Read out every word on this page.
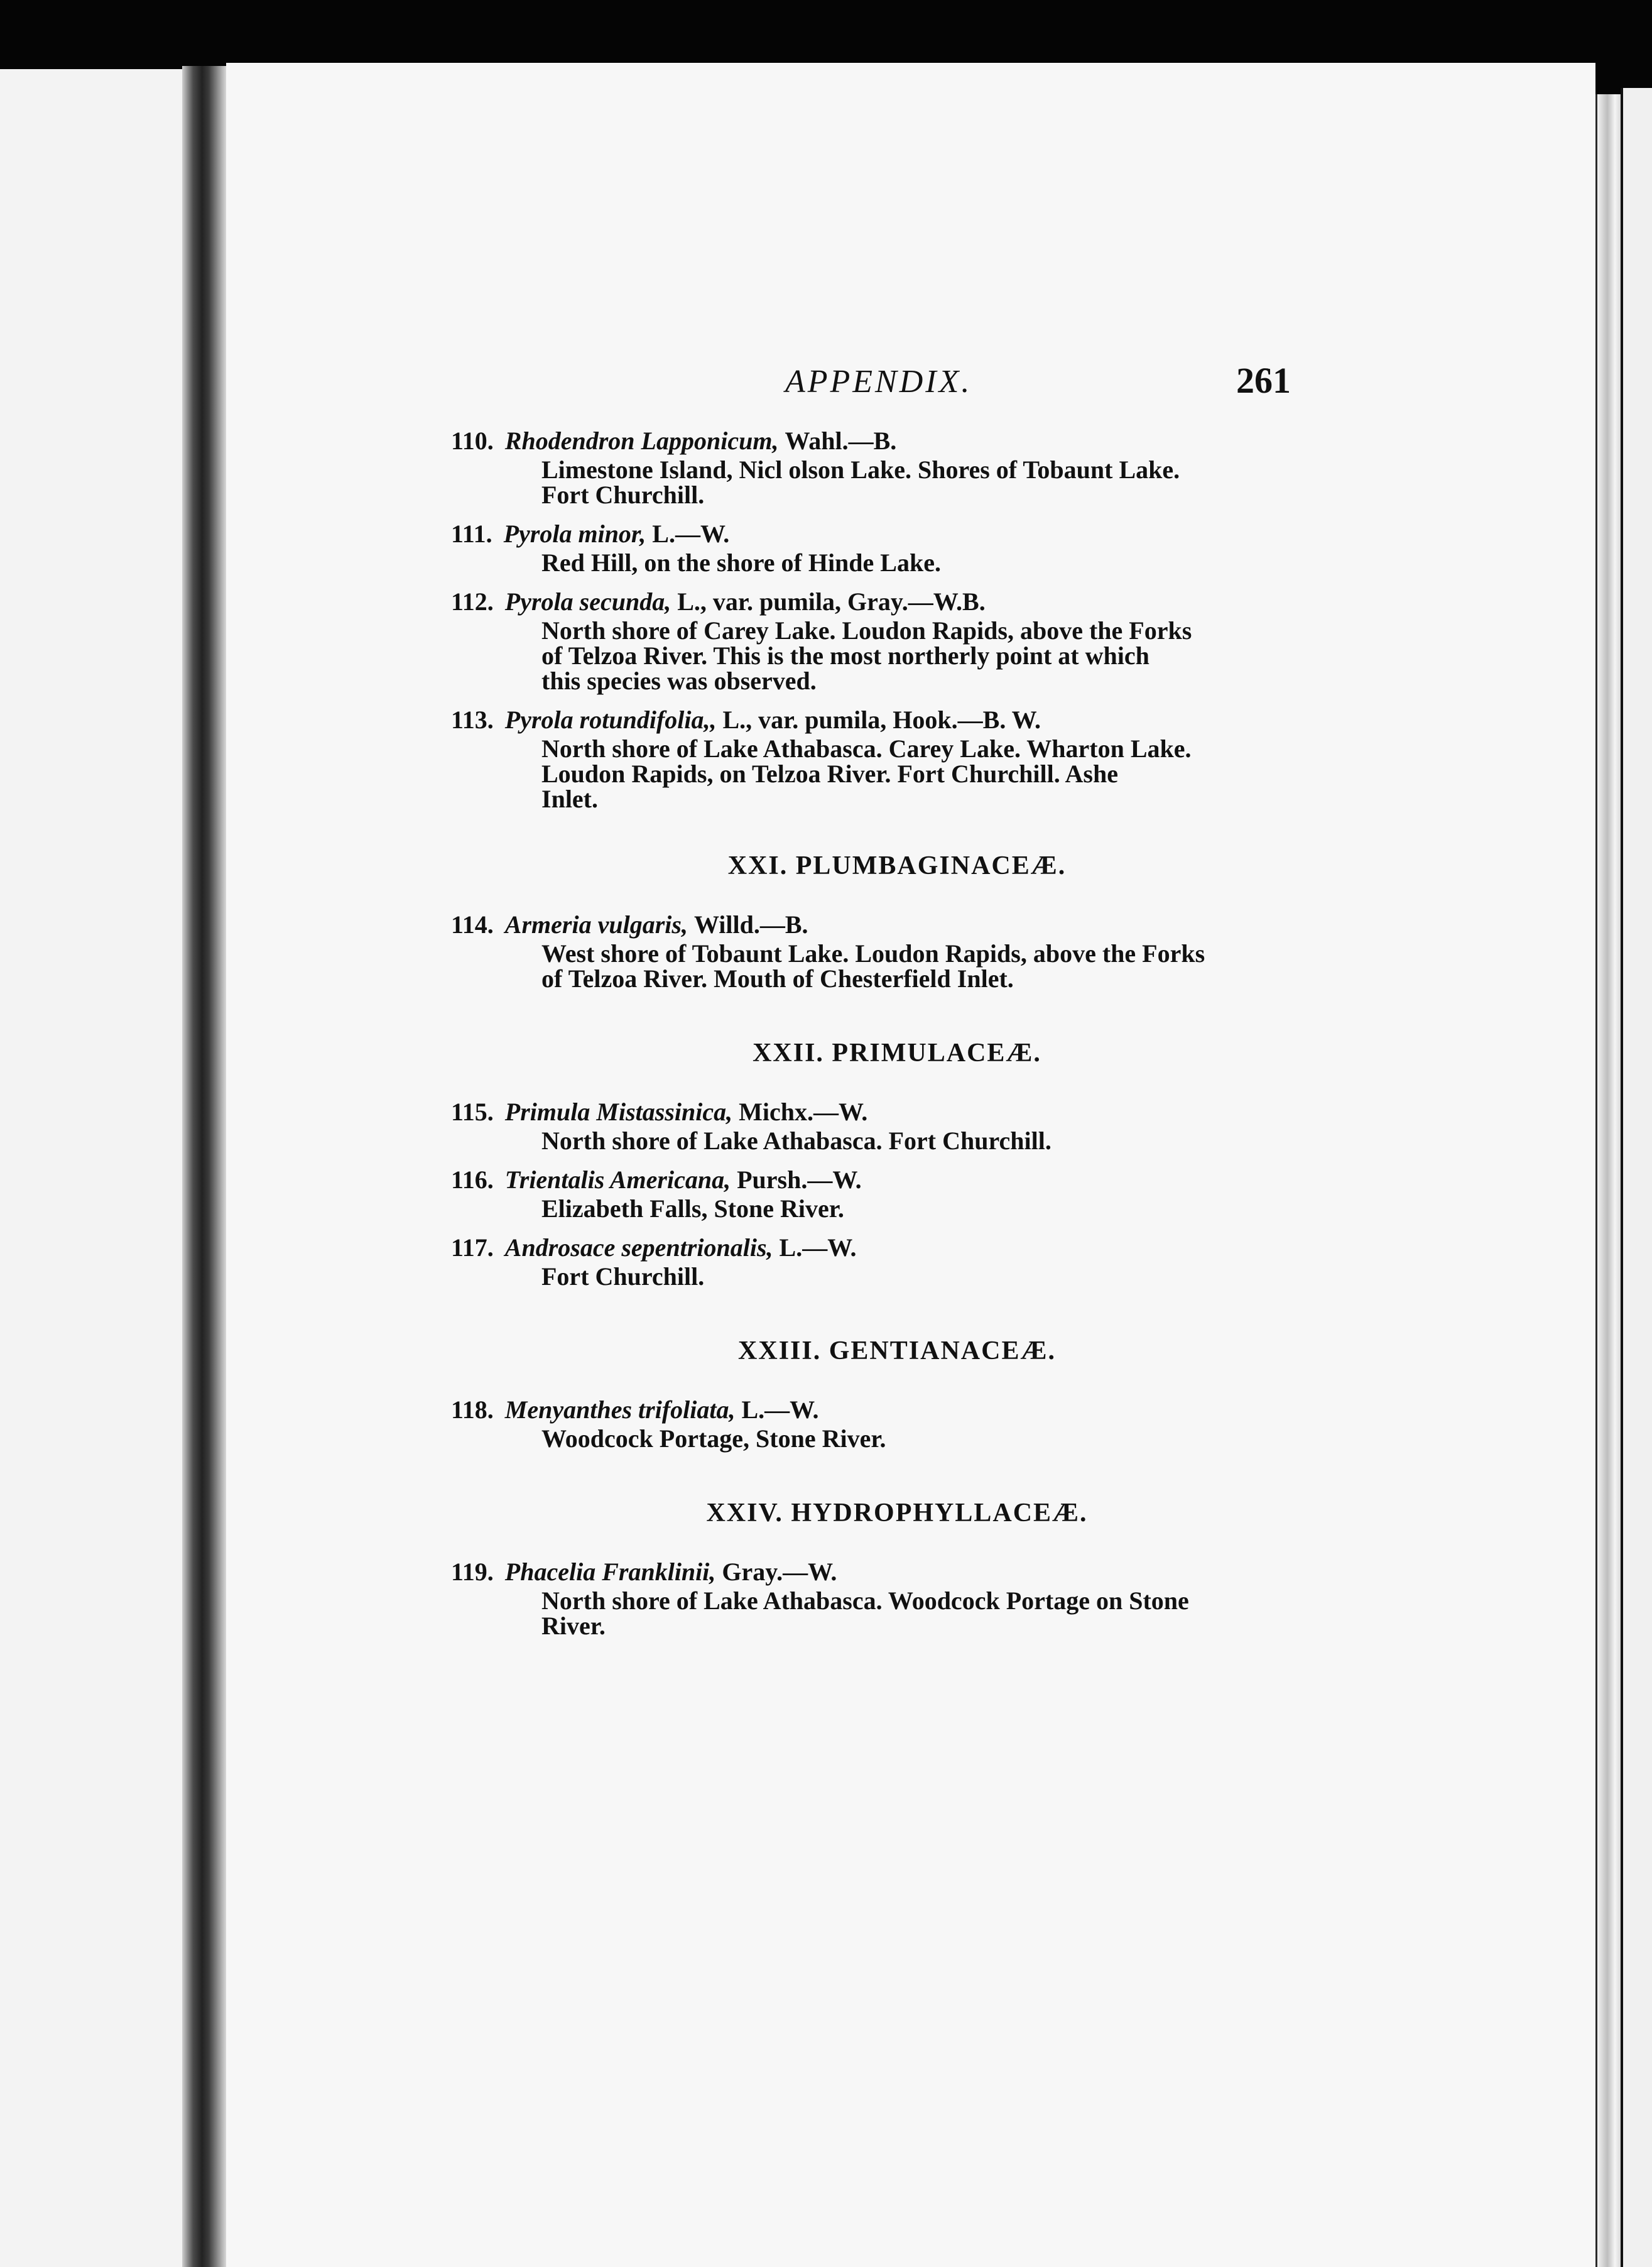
APPENDIX.	261
110. Rhodendron Lapponicum, Wahl.—B.
Limestone Island, Nicl olson Lake. Shores of Tobaunt Lake.
Fort Churchill.
111. Pyrola minor, L.—W.
Red Hill, on the shore of Hinde Lake.
112. Pyrola secunda, L., var. pumila, Gray.—W.B.
North shore of Carey Lake. Loudon Rapids, above the Forks
of Telzoa River. This is the most northerly point at which
this species was observed.
113. Pyrola rotundifolia,, L., var. pumila, Hook.—B. W.
North shore of Lake Athabasca. Carey Lake. Wharton Lake.
Loudon Rapids, on Telzoa River. Fort Churchill. Ashe
Inlet.
XXI. PLUMBAGINACEÆ.
114. Armeria vulgaris, Willd.—B.
West shore of Tobaunt Lake. Loudon Rapids, above the Forks
of Telzoa River. Mouth of Chesterfield Inlet.
XXII. PRIMULACEÆ.
115. Primula Mistassinica, Michx.—W.
North shore of Lake Athabasca. Fort Churchill.
116. Trientalis Americana, Pursh.—W.
Elizabeth Falls, Stone River.
117. Androsace sepentrionalis, L.—W.
Fort Churchill.
XXIII. GENTIANACEÆ.
118. Menyanthes trifoliata, L.—W.
Woodcock Portage, Stone River.
XXIV. HYDROPHYLLACEÆ.
119. Phacelia Franklinii, Gray.—W.
North shore of Lake Athabasca. Woodcock Portage on Stone
River.
